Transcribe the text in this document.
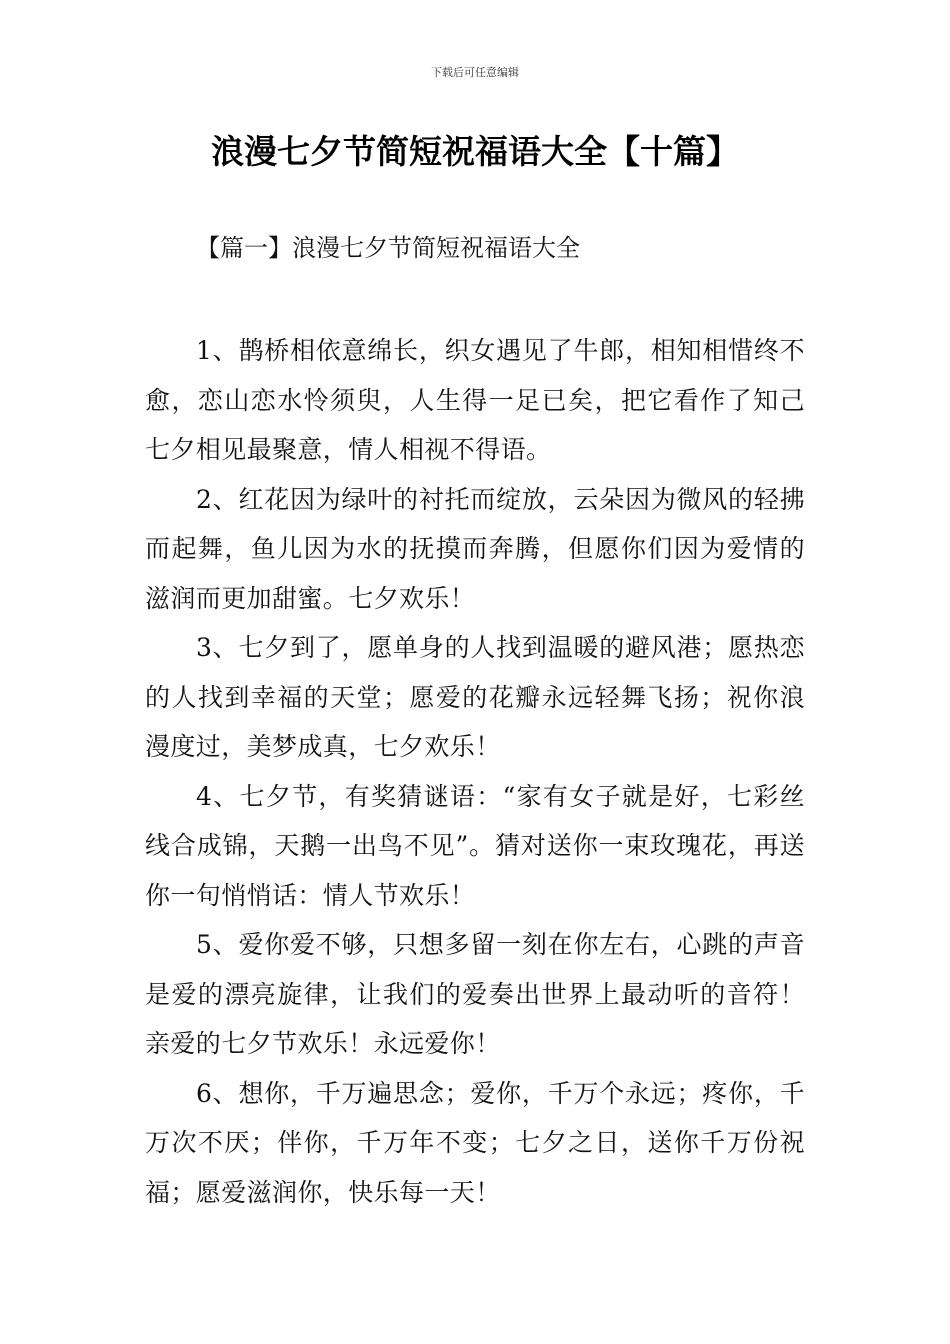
下载后可任意编辑
浪漫七夕节简短祝福语大全【十篇】
【篇一】浪漫七夕节简短祝福语大全

1、鹊桥相依意绵长，织女遇见了牛郎，相知相惜终不愈，恋山恋水怜须臾，人生得一足已矣，把它看作了知己七夕相见最聚意，情人相视不得语。

2、红花因为绿叶的衬托而绽放，云朵因为微风的轻拂而起舞，鱼儿因为水的抚摸而奔腾，但愿你们因为爱情的滋润而更加甜蜜。七夕欢乐！

3、七夕到了，愿单身的人找到温暖的避风港；愿热恋的人找到幸福的天堂；愿爱的花瓣永远轻舞飞扬；祝你浪漫度过，美梦成真，七夕欢乐！

4、七夕节，有奖猜谜语：“家有女子就是好，七彩丝线合成锦，天鹅一出鸟不见”。猜对送你一束玫瑰花，再送你一句悄悄话：情人节欢乐！

5、爱你爱不够，只想多留一刻在你左右，心跳的声音是爱的漂亮旋律，让我们的爱奏出世界上最动听的音符！亲爱的七夕节欢乐！永远爱你！

6、想你，千万遍思念；爱你，千万个永远；疼你，千万次不厌；伴你，千万年不变；七夕之日，送你千万份祝福；愿爱滋润你，快乐每一天！
